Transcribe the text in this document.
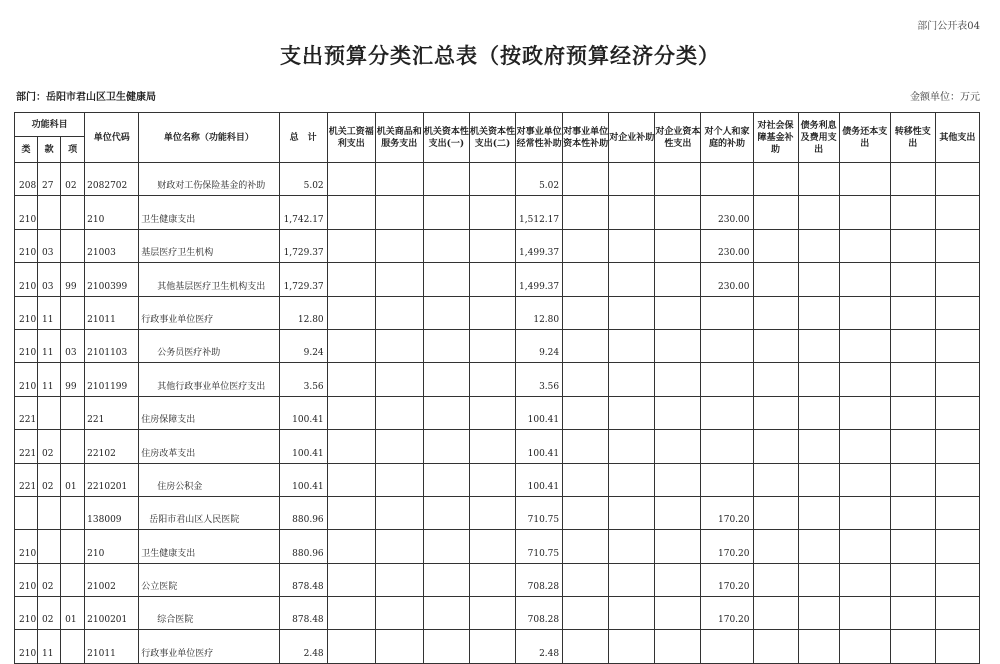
部门公开表04
支出预算分类汇总表（按政府预算经济分类）
部门：岳阳市君山区卫生健康局	金额单位：万元
功能科目			单位代码	单位名称（功能科目）	总　计	机关工资福利支出	机关商品和服务支出	机关资本性支出(一)	机关资本性支出(二)	对事业单位经常性补助	对事业单位资本性补助	对企业补助	对企业资本性支出	对个人和家庭的补助	对社会保障基金补助	债务利息及费用支出	债务还本支出	转移性支出	其他支出
类	款	项																	
208	27	02	2082702	财政对工伤保险基金的补助	5.02					5.02									
210			210	卫生健康支出	1,742.17					1,512.17				230.00					
210	03		21003	基层医疗卫生机构	1,729.37					1,499.37				230.00					
210	03	99	2100399	其他基层医疗卫生机构支出	1,729.37					1,499.37				230.00					
210	11		21011	行政事业单位医疗	12.80					12.80									
210	11	03	2101103	公务员医疗补助	9.24					9.24									
210	11	99	2101199	其他行政事业单位医疗支出	3.56					3.56									
221			221	住房保障支出	100.41					100.41									
221	02		22102	住房改革支出	100.41					100.41									
221	02	01	2210201	住房公积金	100.41					100.41									
			138009	岳阳市君山区人民医院	880.96					710.75				170.20					
210			210	卫生健康支出	880.96					710.75				170.20					
210	02		21002	公立医院	878.48					708.28				170.20					
210	02	01	2100201	综合医院	878.48					708.28				170.20					
210	11		21011	行政事业单位医疗	2.48					2.48									
